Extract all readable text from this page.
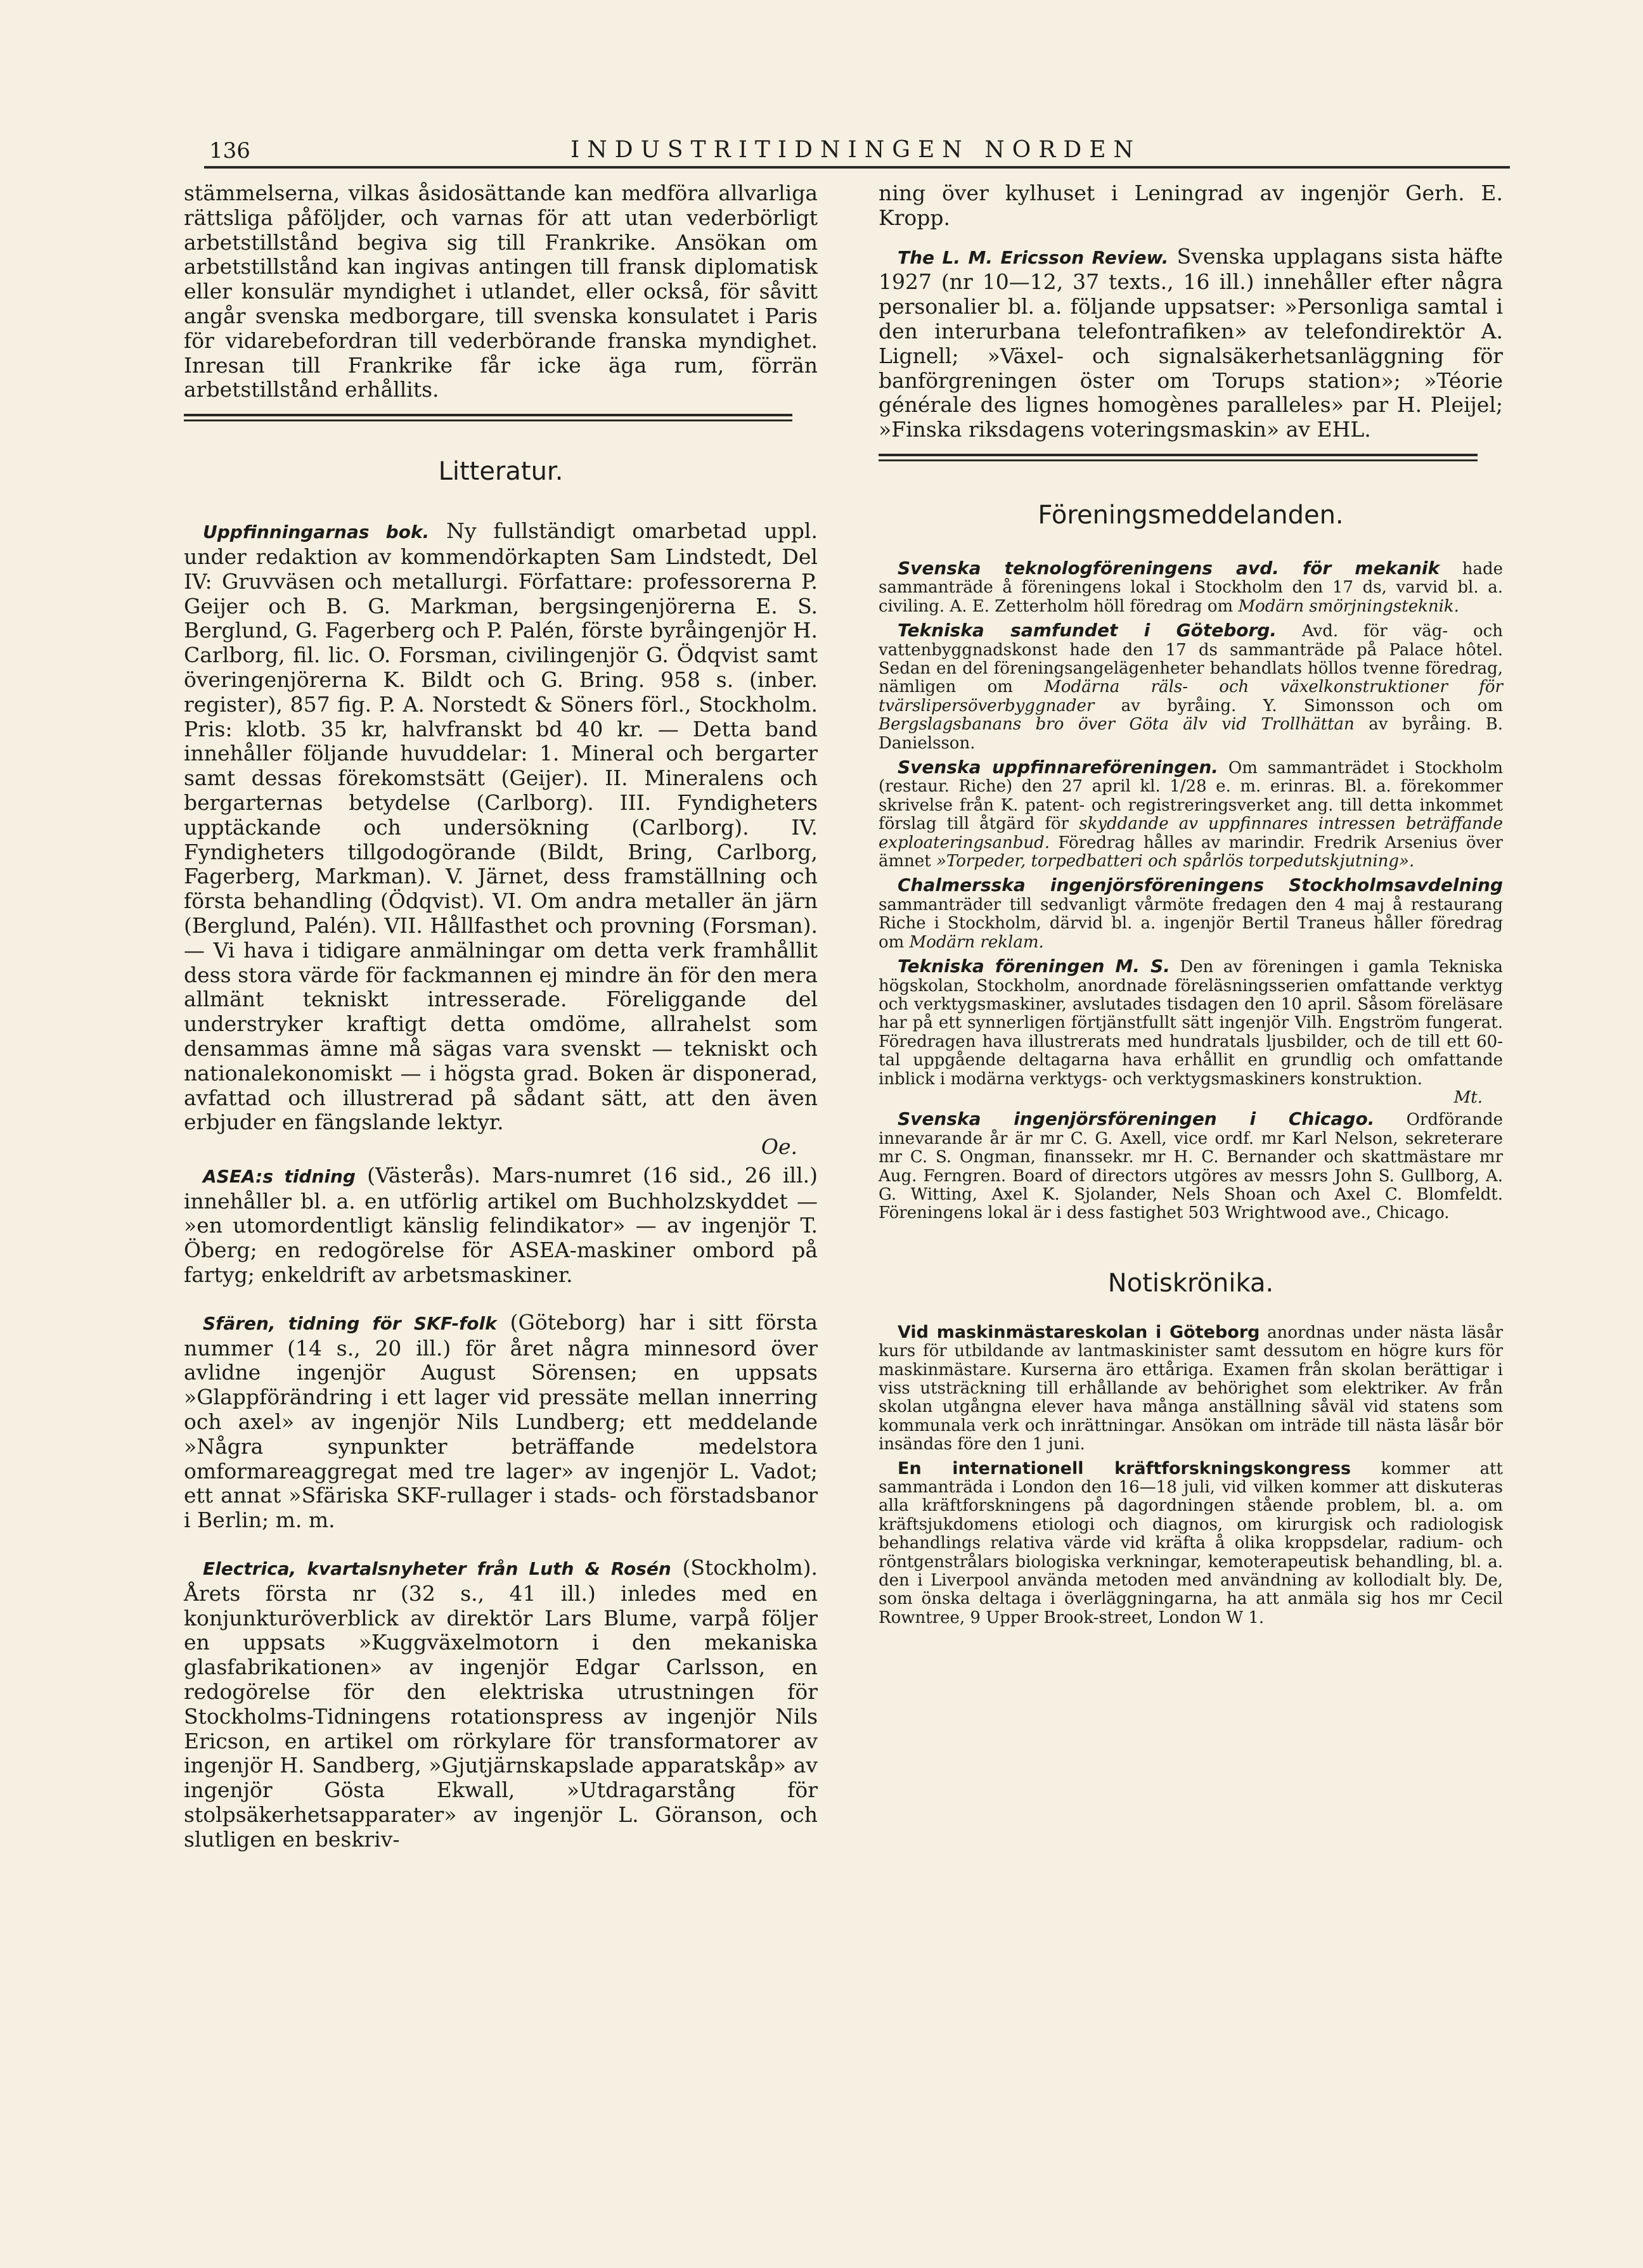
136	INDUSTRITIDNINGEN NORDEN

stämmelserna, vilkas åsidosättande kan medföra allvarliga rättsliga påföljder, och varnas för att utan vederbörligt arbetstillstånd begiva sig till Frankrike. Ansökan om arbetstillstånd kan ingivas antingen till fransk diplomatisk eller konsulär myndighet i utlandet, eller också, för såvitt angår svenska medborgare, till svenska konsulatet i Paris för vidarebefordran till vederbörande franska myndighet. Inresan till Frankrike får icke äga rum, förrän arbetstillstånd erhållits.

Litteratur.

Uppfinningarnas bok. Ny fullständigt omarbetad uppl. under redaktion av kommendörkapten Sam Lindstedt, Del IV: Gruvväsen och metallurgi. Författare: professorerna P. Geijer och B. G. Markman, bergsingenjörerna E. S. Berglund, G. Fagerberg och P. Palén, förste byråingenjör H. Carlborg, fil. lic. O. Forsman, civilingenjör G. Ödqvist samt överingenjörerna K. Bildt och G. Bring. 958 s. (inber. register), 857 fig. P. A. Norstedt & Söners förl., Stockholm. Pris: klotb. 35 kr, halvfranskt bd 40 kr. — Detta band innehåller följande huvuddelar: 1. Mineral och bergarter samt dessas förekomstsätt (Geijer). II. Mineralens och bergarternas betydelse (Carlborg). III. Fyndigheters upptäckande och undersökning (Carlborg). IV. Fyndigheters tillgodogörande (Bildt, Bring, Carlborg, Fagerberg, Markman). V. Järnet, dess framställning och första behandling (Ödqvist). VI. Om andra metaller än järn (Berglund, Palén). VII. Hållfasthet och provning (Forsman). — Vi hava i tidigare anmälningar om detta verk framhållit dess stora värde för fackmannen ej mindre än för den mera allmänt tekniskt intresserade. Föreliggande del understryker kraftigt detta omdöme, allrahelst som densammas ämne må sägas vara svenskt — tekniskt och nationalekonomiskt — i högsta grad. Boken är disponerad, avfattad och illustrerad på sådant sätt, att den även erbjuder en fängslande lektyr.

Oe.

ASEA:s tidning (Västerås). Mars-numret (16 sid., 26 ill.) innehåller bl. a. en utförlig artikel om Buchholzskyddet — »en utomordentligt känslig felindikator» — av ingenjör T. Öberg; en redogörelse för ASEA-maskiner ombord på fartyg; enkeldrift av arbetsmaskiner.

Sfären, tidning för SKF-folk (Göteborg) har i sitt första nummer (14 s., 20 ill.) för året några minnesord över avlidne ingenjör August Sörensen; en uppsats »Glappförändring i ett lager vid pressäte mellan innerring och axel» av ingenjör Nils Lundberg; ett meddelande »Några synpunkter beträffande medelstora omformareaggregat med tre lager» av ingenjör L. Vadot; ett annat »Sfäriska SKF-rullager i stads- och förstadsbanor i Berlin; m. m.

Electrica, kvartalsnyheter från Luth & Rosén (Stockholm). Årets första nr (32 s., 41 ill.) inledes med en konjunkturöverblick av direktör Lars Blume, varpå följer en uppsats »Kuggväxelmotorn i den mekaniska glasfabrikationen» av ingenjör Edgar Carlsson, en redogörelse för den elektriska utrustningen för Stockholms-Tidningens rotationspress av ingenjör Nils Ericson, en artikel om rörkylare för transformatorer av ingenjör H. Sandberg, »Gjutjärnskapslade apparatskåp» av ingenjör Gösta Ekwall, »Utdragarstång för stolpsäkerhetsapparater» av ingenjör L. Göranson, och slutligen en beskriv-

ning över kylhuset i Leningrad av ingenjör Gerh. E. Kropp.

The L. M. Ericsson Review. Svenska upplagans sista häfte 1927 (nr 10—12, 37 texts., 16 ill.) innehåller efter några personalier bl. a. följande uppsatser: »Personliga samtal i den interurbana telefontrafiken» av telefondirektör A. Lignell; »Växel- och signalsäkerhetsanläggning för banförgreningen öster om Torups station»; »Téorie générale des lignes homogènes paralleles» par H. Pleijel; »Finska riksdagens voteringsmaskin» av EHL.

Föreningsmeddelanden.

Svenska teknologföreningens avd. för mekanik hade sammanträde å föreningens lokal i Stockholm den 17 ds, varvid bl. a. civiling. A. E. Zetterholm höll föredrag om Modärn smörjningsteknik.

Tekniska samfundet i Göteborg. Avd. för väg- och vattenbyggnadskonst hade den 17 ds sammanträde på Palace hôtel. Sedan en del föreningsangelägenheter behandlats höllos tvenne föredrag, nämligen om Modärna räls- och växelkonstruktioner för tvärslipersöverbyggnader av byråing. Y. Simonsson och om Bergslagsbanans bro över Göta älv vid Trollhättan av byråing. B. Danielsson.

Svenska uppfinnareföreningen. Om sammanträdet i Stockholm (restaur. Riche) den 27 april kl. 1/28 e. m. erinras. Bl. a. förekommer skrivelse från K. patent- och registreringsverket ang. till detta inkommet förslag till åtgärd för skyddande av uppfinnares intressen beträffande exploateringsanbud. Föredrag hålles av marindir. Fredrik Arsenius över ämnet »Torpeder, torpedbatteri och spårlös torpedutskjutning».

Chalmersska ingenjörsföreningens Stockholmsavdelning sammanträder till sedvanligt vårmöte fredagen den 4 maj å restaurang Riche i Stockholm, därvid bl. a. ingenjör Bertil Traneus håller föredrag om Modärn reklam.

Tekniska föreningen M. S. Den av föreningen i gamla Tekniska högskolan, Stockholm, anordnade föreläsningsserien omfattande verktyg och verktygsmaskiner, avslutades tisdagen den 10 april. Såsom föreläsare har på ett synnerligen förtjänstfullt sätt ingenjör Vilh. Engström fungerat. Föredragen hava illustrerats med hundratals ljusbilder, och de till ett 60-tal uppgående deltagarna hava erhållit en grundlig och omfattande inblick i modärna verktygs- och verktygsmaskiners konstruktion.

Mt.

Svenska ingenjörsföreningen i Chicago. Ordförande innevarande år är mr C. G. Axell, vice ordf. mr Karl Nelson, sekreterare mr C. S. Ongman, finanssekr. mr H. C. Bernander och skattmästare mr Aug. Ferngren. Board of directors utgöres av messrs John S. Gullborg, A. G. Witting, Axel K. Sjolander, Nels Shoan och Axel C. Blomfeldt. Föreningens lokal är i dess fastighet 503 Wrightwood ave., Chicago.

Notiskrönika.

Vid maskinmästareskolan i Göteborg anordnas under nästa läsår kurs för utbildande av lantmaskinister samt dessutom en högre kurs för maskinmästare. Kurserna äro ettåriga. Examen från skolan berättigar i viss utsträckning till erhållande av behörighet som elektriker. Av från skolan utgångna elever hava många anställning såväl vid statens som kommunala verk och inrättningar. Ansökan om inträde till nästa läsår bör insändas före den 1 juni.

En internationell kräftforskningskongress kommer att sammanträda i London den 16—18 juli, vid vilken kommer att diskuteras alla kräftforskningens på dagordningen stående problem, bl. a. om kräftsjukdomens etiologi och diagnos, om kirurgisk och radiologisk behandlings relativa värde vid kräfta å olika kroppsdelar, radium- och röntgenstrålars biologiska verkningar, kemoterapeutisk behandling, bl. a. den i Liverpool använda metoden med användning av kollodialt bly. De, som önska deltaga i överläggningarna, ha att anmäla sig hos mr Cecil Rowntree, 9 Upper Brook-street, London W 1.
